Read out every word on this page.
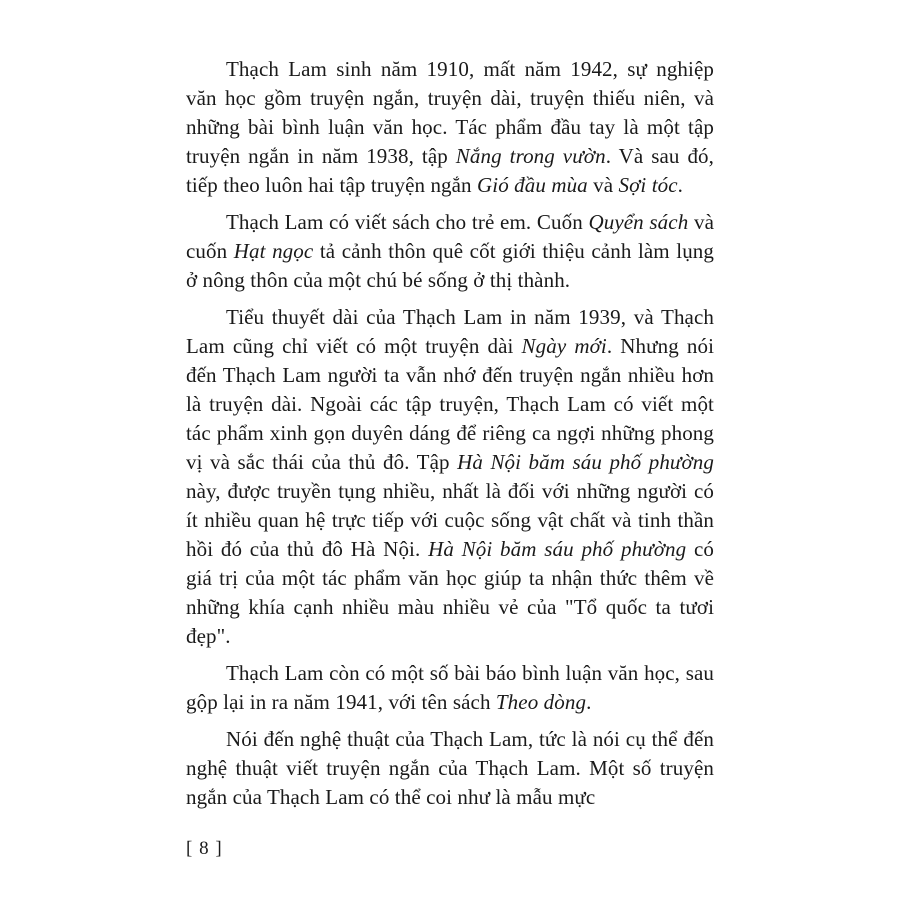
Thạch Lam sinh năm 1910, mất năm 1942, sự nghiệp văn học gồm truyện ngắn, truyện dài, truyện thiếu niên, và những bài bình luận văn học. Tác phẩm đầu tay là một tập truyện ngắn in năm 1938, tập Nắng trong vườn. Và sau đó, tiếp theo luôn hai tập truyện ngắn Gió đầu mùa và Sợi tóc.

Thạch Lam có viết sách cho trẻ em. Cuốn Quyển sách và cuốn Hạt ngọc tả cảnh thôn quê cốt giới thiệu cảnh làm lụng ở nông thôn của một chú bé sống ở thị thành.

Tiểu thuyết dài của Thạch Lam in năm 1939, và Thạch Lam cũng chỉ viết có một truyện dài Ngày mới. Nhưng nói đến Thạch Lam người ta vẫn nhớ đến truyện ngắn nhiều hơn là truyện dài. Ngoài các tập truyện, Thạch Lam có viết một tác phẩm xinh gọn duyên dáng để riêng ca ngợi những phong vị và sắc thái của thủ đô. Tập Hà Nội băm sáu phố phường này, được truyền tụng nhiều, nhất là đối với những người có ít nhiều quan hệ trực tiếp với cuộc sống vật chất và tinh thần hồi đó của thủ đô Hà Nội. Hà Nội băm sáu phố phường có giá trị của một tác phẩm văn học giúp ta nhận thức thêm về những khía cạnh nhiều màu nhiều vẻ của "Tổ quốc ta tươi đẹp".

Thạch Lam còn có một số bài báo bình luận văn học, sau gộp lại in ra năm 1941, với tên sách Theo dòng.

Nói đến nghệ thuật của Thạch Lam, tức là nói cụ thể đến nghệ thuật viết truyện ngắn của Thạch Lam. Một số truyện ngắn của Thạch Lam có thể coi như là mẫu mực

[ 8 ]
